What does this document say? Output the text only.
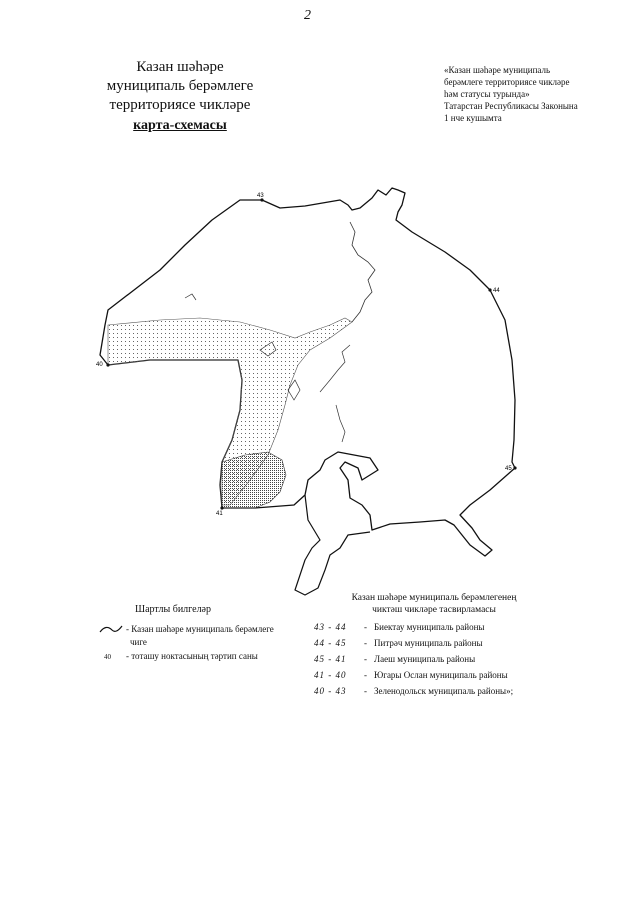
2
Казан шәһәре
муниципаль берәмлеге
территориясе чикләре
карта-схемасы
«Казан шәһәре муниципаль
берәмлеге территориясе чикләре
һәм статусы турында»
Татарстан Республикасы Законына
1 нче кушымта
43
44
45
41
40
Шартлы билгеләр
- Казан шәһәре муниципаль берәмлеге
чиге
40 - тоташу ноктасының тәртип саны
Казан шәһәре муниципаль берәмлегенең
чиктәш чикләре тасвирламасы
43 - 44 - Биектау муниципаль районы
44 - 45 - Питрәч муниципаль районы
45 - 41 - Лаеш муниципаль районы
41 - 40 - Югары Ослан муниципаль районы
40 - 43 - Зеленодольск муниципаль районы»;
